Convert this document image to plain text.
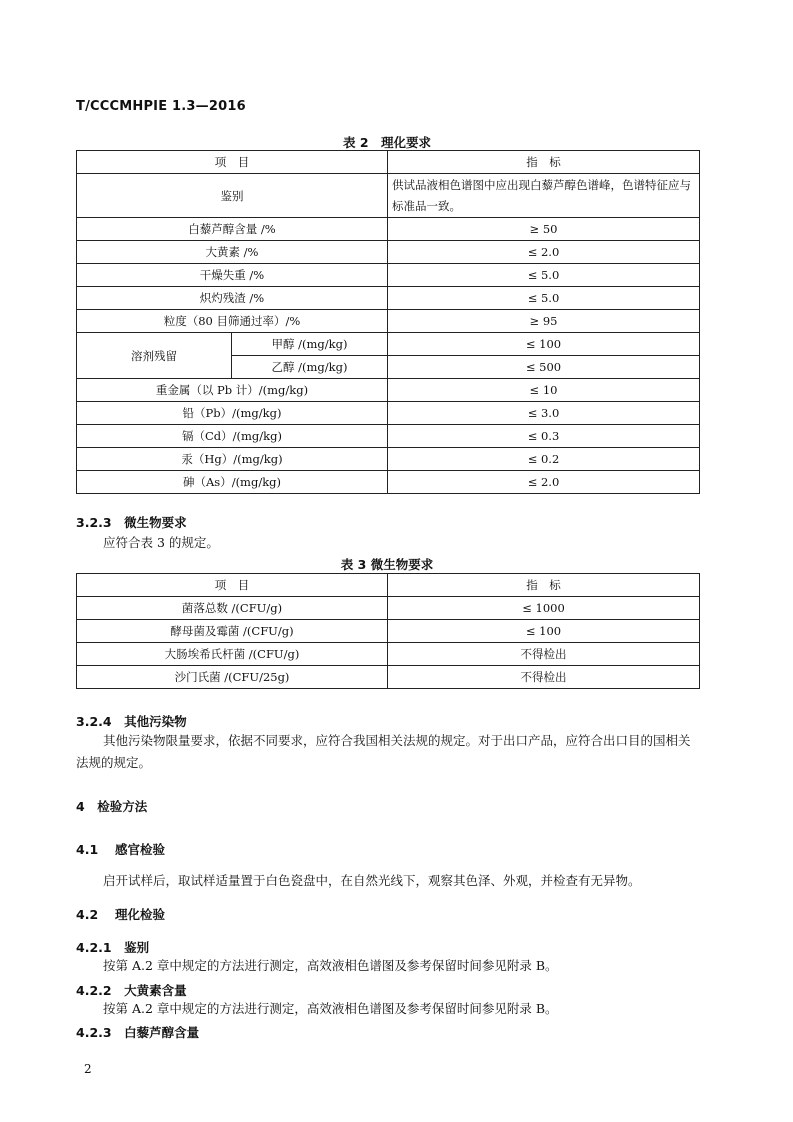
T/CCCMHPIE 1.3—2016
表 2　理化要求
项　目		指　标
鉴别		供试品液相色谱图中应出现白藜芦醇色谱峰，色谱特征应与标准品一致。
白藜芦醇含量 /%		≥ 50
大黄素 /%		≤ 2.0
干燥失重 /%		≤ 5.0
炽灼残渣 /%		≤ 5.0
粒度（80 目筛通过率）/%		≥ 95
溶剂残留	甲醇 /(mg/kg)	≤ 100
	乙醇 /(mg/kg)	≤ 500
重金属（以 Pb 计）/(mg/kg)		≤ 10
铅（Pb）/(mg/kg)		≤ 3.0
镉（Cd）/(mg/kg)		≤ 0.3
汞（Hg）/(mg/kg)		≤ 0.2
砷（As）/(mg/kg)		≤ 2.0
3.2.3　微生物要求
应符合表 3 的规定。
表 3 微生物要求
项　目	指　标
菌落总数 /(CFU/g)	≤ 1000
酵母菌及霉菌 /(CFU/g)	≤ 100
大肠埃希氏杆菌 /(CFU/g)	不得检出
沙门氏菌 /(CFU/25g)	不得检出
3.2.4　其他污染物
其他污染物限量要求，依据不同要求，应符合我国相关法规的规定。对于出口产品，应符合出口目的国相关法规的规定。
4　检验方法
4.1　 感官检验
启开试样后，取试样适量置于白色瓷盘中，在自然光线下，观察其色泽、外观，并检查有无异物。
4.2　 理化检验
4.2.1　鉴别
按第 A.2 章中规定的方法进行测定，高效液相色谱图及参考保留时间参见附录 B。
4.2.2　大黄素含量
按第 A.2 章中规定的方法进行测定，高效液相色谱图及参考保留时间参见附录 B。
4.2.3　白藜芦醇含量
2
